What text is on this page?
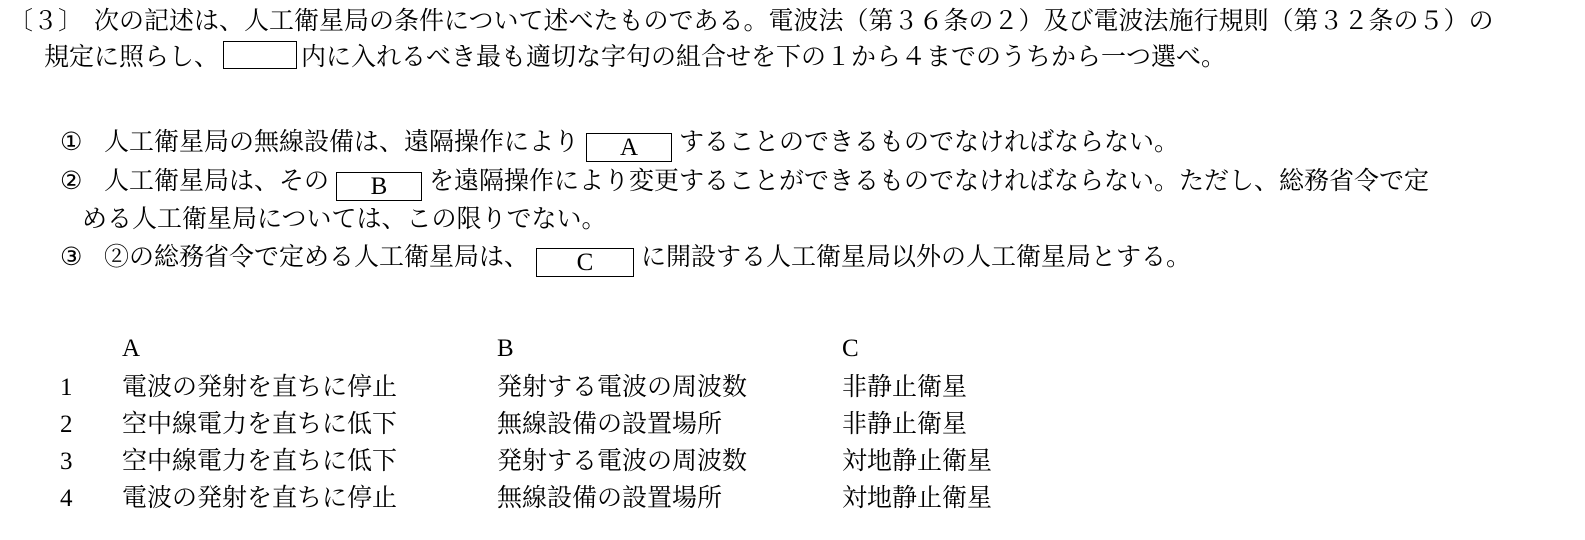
〔３〕 次の記述は、人工衛星局の条件について述べたものである。電波法（第３６条の２）及び電波法施行規則（第３２条の５）の
規定に照らし、	内に入れるべき最も適切な字句の組合せを下の１から４までのうちから一つ選べ。
① 人工衛星局の無線設備は、遠隔操作により A することのできるものでなければならない。
② 人工衛星局は、その B を遠隔操作により変更することができるものでなければならない。ただし、総務省令で定
める人工衛星局については、この限りでない。
③ ②の総務省令で定める人工衛星局は、 C に開設する人工衛星局以外の人工衛星局とする。
	A	B	C
1	電波の発射を直ちに停止	発射する電波の周波数	非静止衛星
2	空中線電力を直ちに低下	無線設備の設置場所	非静止衛星
3	空中線電力を直ちに低下	発射する電波の周波数	対地静止衛星
4	電波の発射を直ちに停止	無線設備の設置場所	対地静止衛星
